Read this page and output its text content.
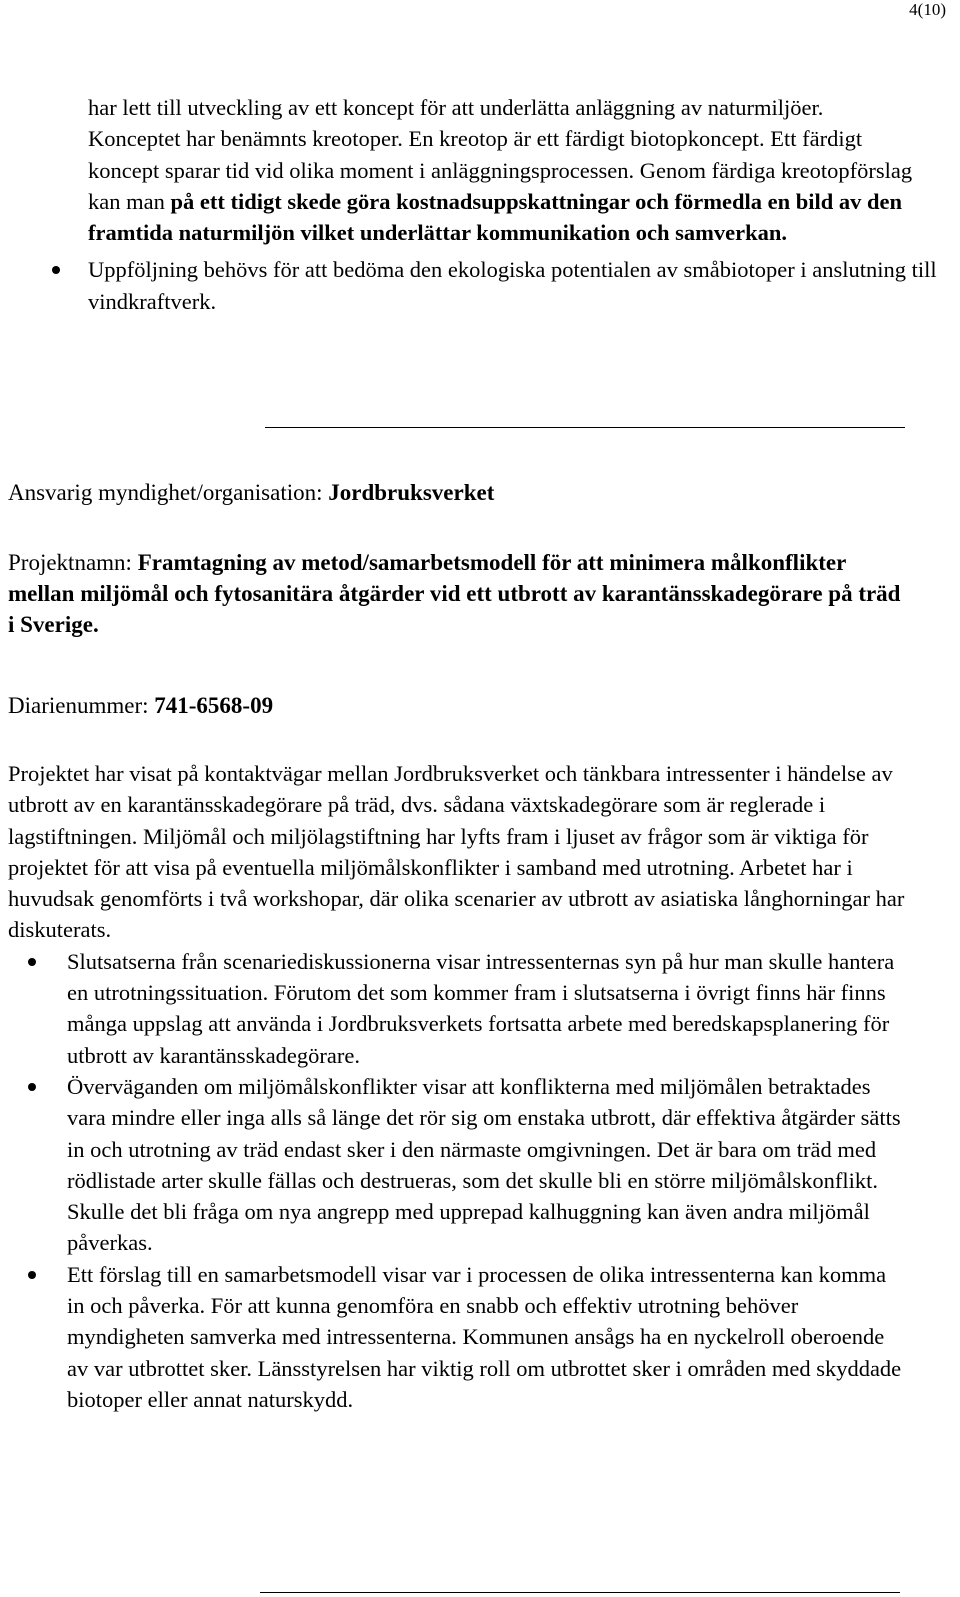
4(10)
har lett till utveckling av ett koncept för att underlätta anläggning av naturmiljöer. Konceptet har benämnts kreotoper. En kreotop är ett färdigt biotopkoncept. Ett färdigt koncept sparar tid vid olika moment i anläggningsprocessen. Genom färdiga kreotopförslag kan man på ett tidigt skede göra kostnadsuppskattningar och förmedla en bild av den framtida naturmiljön vilket underlättar kommunikation och samverkan.
Uppföljning behövs för att bedöma den ekologiska potentialen av småbiotoper i anslutning till vindkraftverk.
Ansvarig myndighet/organisation: Jordbruksverket
Projektnamn: Framtagning av metod/samarbetsmodell för att minimera målkonflikter mellan miljömål och fytosanitära åtgärder vid ett utbrott av karantänsskadegörare på träd i Sverige.
Diarienummer: 741-6568-09
Projektet har visat på kontaktvägar mellan Jordbruksverket och tänkbara intressenter i händelse av utbrott av en karantänsskadegörare på träd, dvs. sådana växtskadegörare som är reglerade i lagstiftningen. Miljömål och miljölagstiftning har lyfts fram i ljuset av frågor som är viktiga för projektet för att visa på eventuella miljömålskonflikter i samband med utrotning. Arbetet har i huvudsak genomförts i två workshopar, där olika scenarier av utbrott av asiatiska långhorningar har diskuterats.
Slutsatserna från scenariediskussionerna visar intressenternas syn på hur man skulle hantera en utrotningssituation. Förutom det som kommer fram i slutsatserna i övrigt finns här finns många uppslag att använda i Jordbruksverkets fortsatta arbete med beredskapsplanering för utbrott av karantänsskadegörare.
Överväganden om miljömålskonflikter visar att konflikterna med miljömålen betraktades vara mindre eller inga alls så länge det rör sig om enstaka utbrott, där effektiva åtgärder sätts in och utrotning av träd endast sker i den närmaste omgivningen. Det är bara om träd med rödlistade arter skulle fällas och destrueras, som det skulle bli en större miljömålskonflikt. Skulle det bli fråga om nya angrepp med upprepad kalhuggning kan även andra miljömål påverkas.
Ett förslag till en samarbetsmodell visar var i processen de olika intressenterna kan komma in och påverka. För att kunna genomföra en snabb och effektiv utrotning behöver myndigheten samverka med intressenterna. Kommunen ansågs ha en nyckelroll oberoende av var utbrottet sker. Länsstyrelsen har viktig roll om utbrottet sker i områden med skyddade biotoper eller annat naturskydd.
